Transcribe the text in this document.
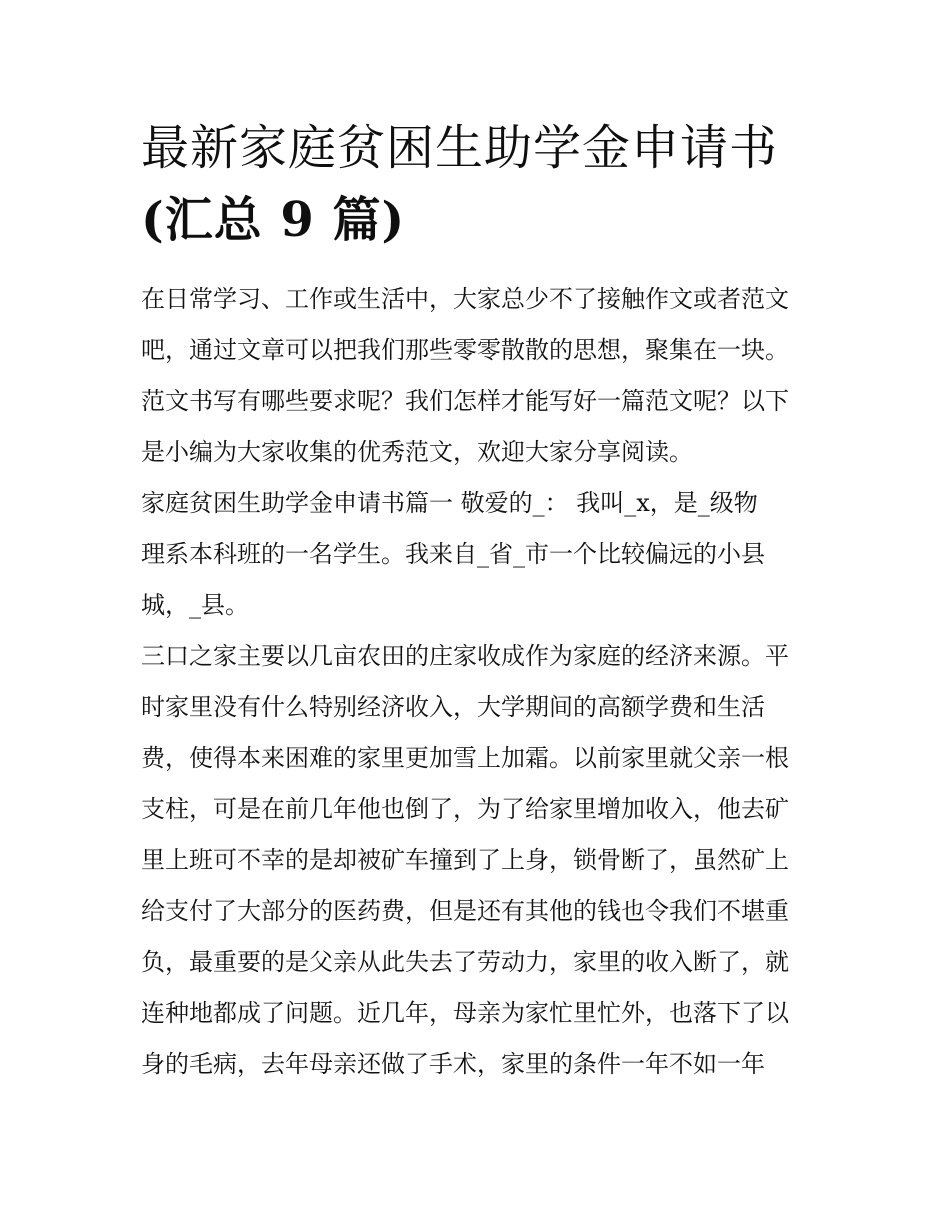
最新家庭贫困生助学金申请书
(汇总 9 篇)

在日常学习、工作或生活中，大家总少不了接触作文或者范文
吧，通过文章可以把我们那些零零散散的思想，聚集在一块。
范文书写有哪些要求呢？我们怎样才能写好一篇范文呢？以下
是小编为大家收集的优秀范文，欢迎大家分享阅读。

家庭贫困生助学金申请书篇一 敬爱的_： 我叫_x，是_级物
理系本科班的一名学生。我来自_省_市一个比较偏远的小县
城，_县。

三口之家主要以几亩农田的庄家收成作为家庭的经济来源。平
时家里没有什么特别经济收入，大学期间的高额学费和生活
费，使得本来困难的家里更加雪上加霜。以前家里就父亲一根
支柱，可是在前几年他也倒了，为了给家里增加收入，他去矿
里上班可不幸的是却被矿车撞到了上身，锁骨断了，虽然矿上
给支付了大部分的医药费，但是还有其他的钱也令我们不堪重
负，最重要的是父亲从此失去了劳动力，家里的收入断了，就
连种地都成了问题。近几年，母亲为家忙里忙外，也落下了以
身的毛病，去年母亲还做了手术，家里的条件一年不如一年
